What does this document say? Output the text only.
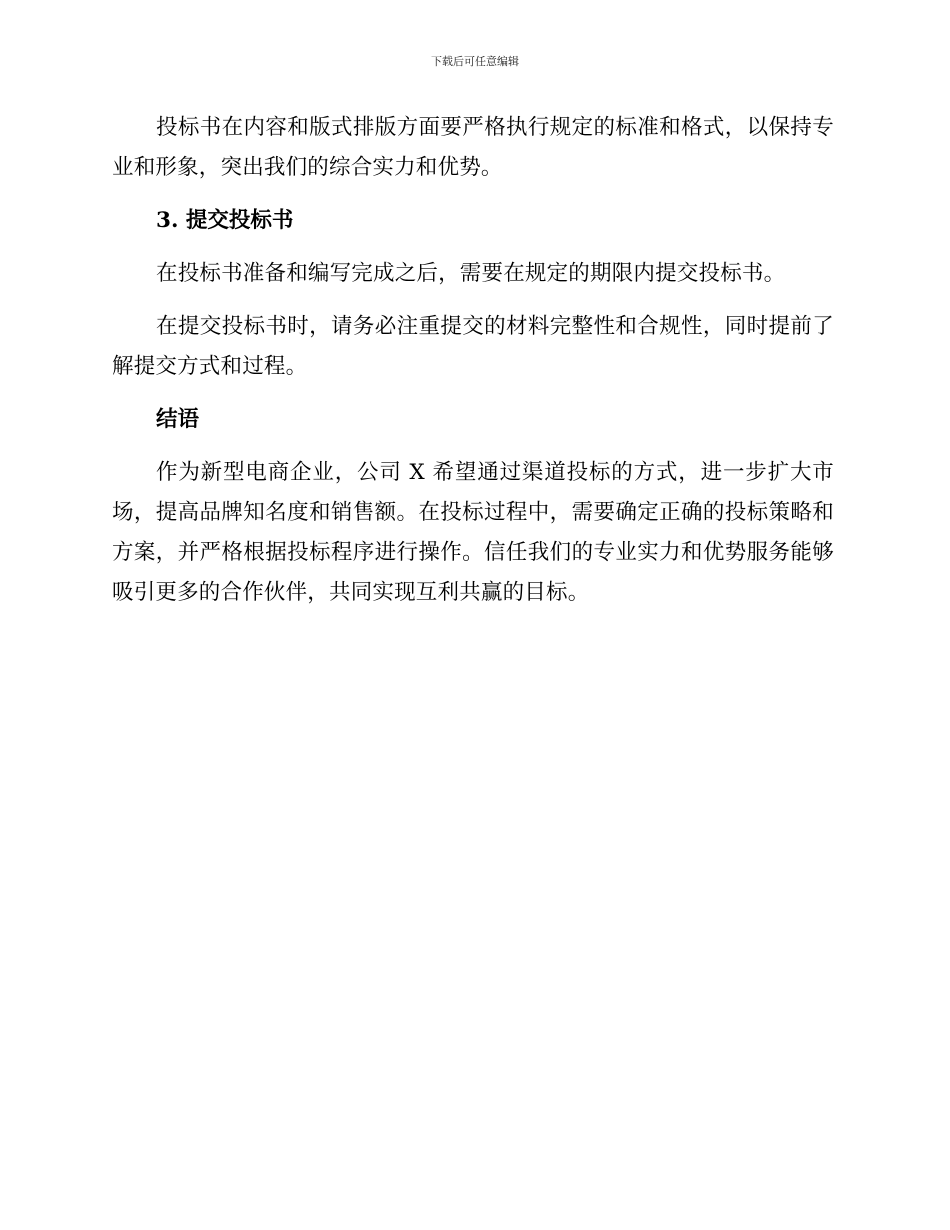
下载后可任意编辑

投标书在内容和版式排版方面要严格执行规定的标准和格式，以保持专业和形象，突出我们的综合实力和优势。

3. 提交投标书

在投标书准备和编写完成之后，需要在规定的期限内提交投标书。

在提交投标书时，请务必注重提交的材料完整性和合规性，同时提前了解提交方式和过程。

结语

作为新型电商企业，公司 X 希望通过渠道投标的方式，进一步扩大市场，提高品牌知名度和销售额。在投标过程中，需要确定正确的投标策略和方案，并严格根据投标程序进行操作。信任我们的专业实力和优势服务能够吸引更多的合作伙伴，共同实现互利共赢的目标。
